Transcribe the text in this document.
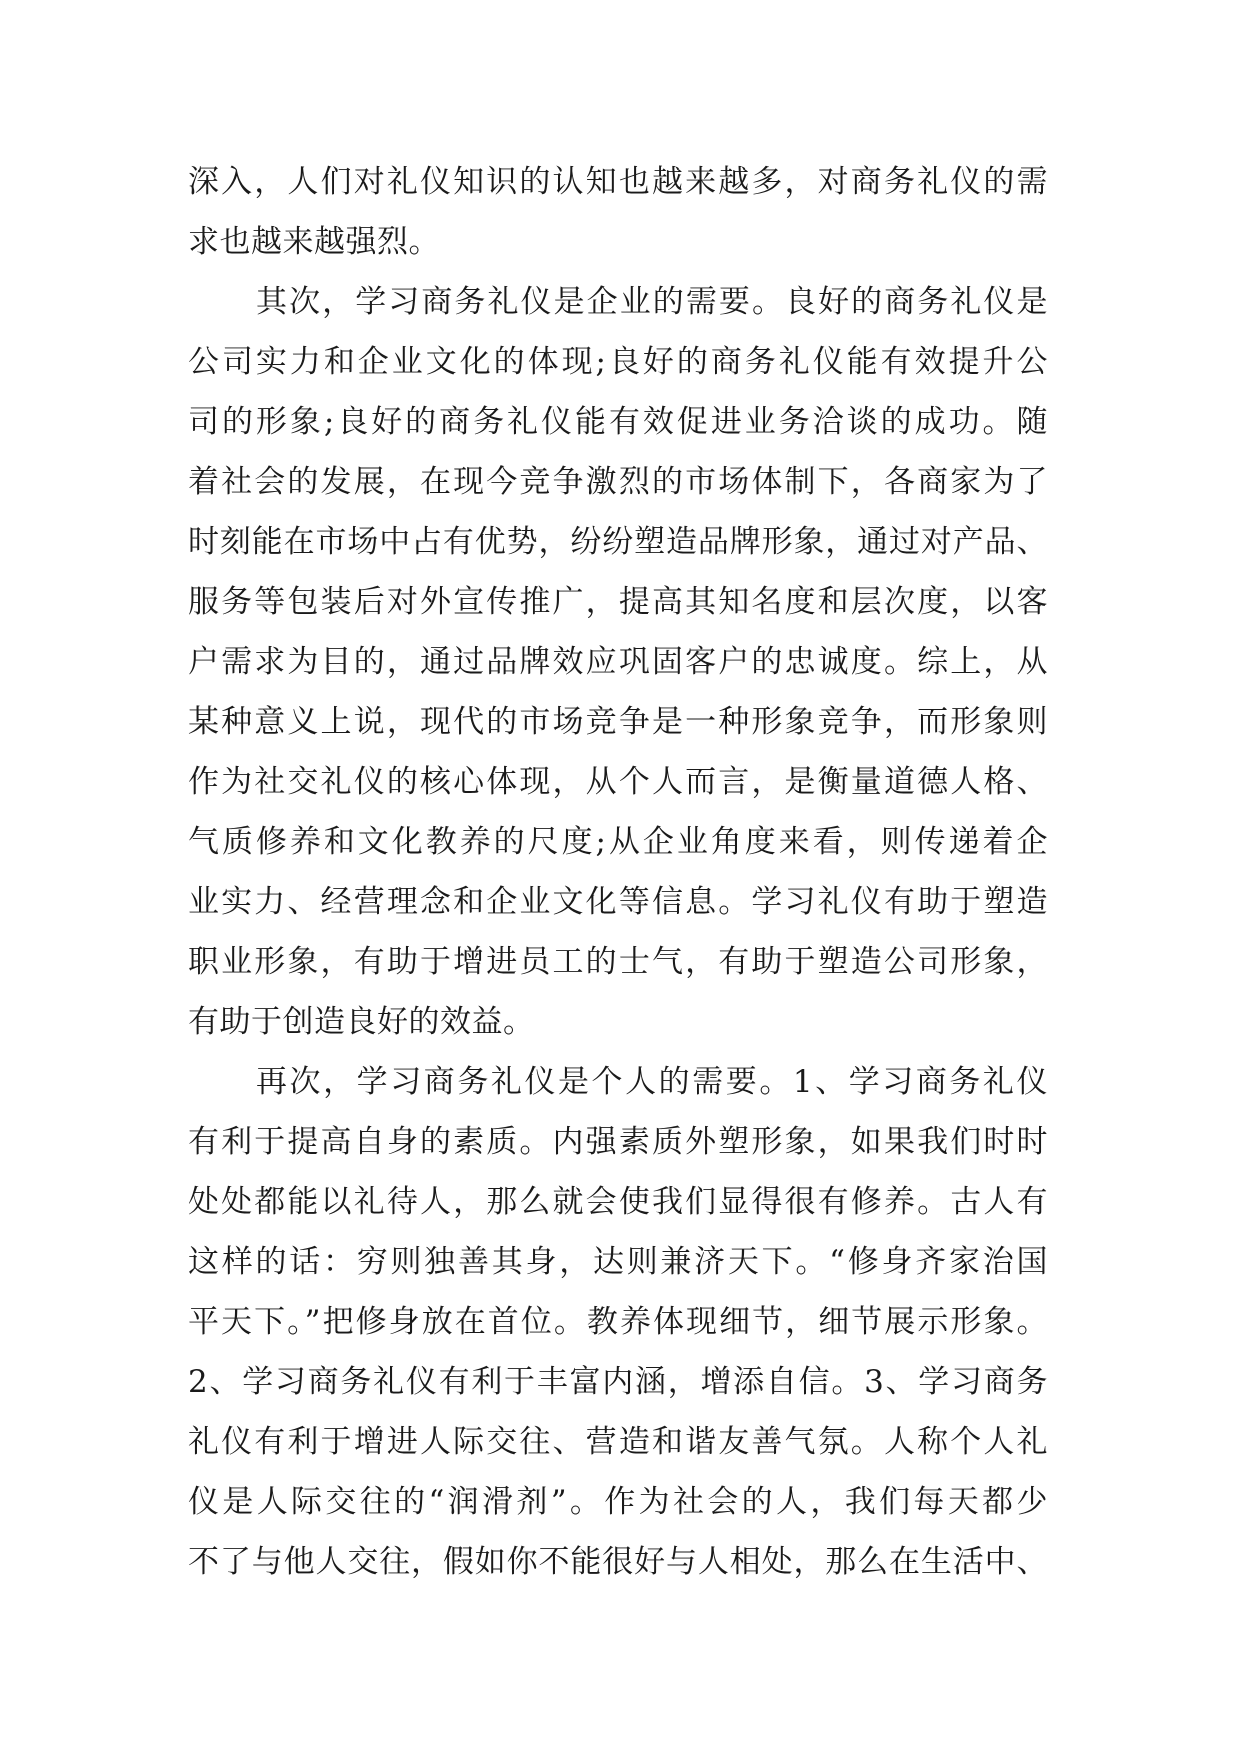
深入，人们对礼仪知识的认知也越来越多，对商务礼仪的需
求也越来越强烈。
其次，学习商务礼仪是企业的需要。良好的商务礼仪是
公司实力和企业文化的体现;良好的商务礼仪能有效提升公
司的形象;良好的商务礼仪能有效促进业务洽谈的成功。随
着社会的发展，在现今竞争激烈的市场体制下，各商家为了
时刻能在市场中占有优势，纷纷塑造品牌形象，通过对产品、
服务等包装后对外宣传推广，提高其知名度和层次度，以客
户需求为目的，通过品牌效应巩固客户的忠诚度。综上，从
某种意义上说，现代的市场竞争是一种形象竞争，而形象则
作为社交礼仪的核心体现，从个人而言，是衡量道德人格、
气质修养和文化教养的尺度;从企业角度来看，则传递着企
业实力、经营理念和企业文化等信息。学习礼仪有助于塑造
职业形象，有助于增进员工的士气，有助于塑造公司形象，
有助于创造良好的效益。
再次，学习商务礼仪是个人的需要。1、学习商务礼仪
有利于提高自身的素质。内强素质外塑形象，如果我们时时
处处都能以礼待人，那么就会使我们显得很有修养。古人有
这样的话：穷则独善其身，达则兼济天下。“修身齐家治国
平天下。”把修身放在首位。教养体现细节，细节展示形象。
2、学习商务礼仪有利于丰富内涵，增添自信。3、学习商务
礼仪有利于增进人际交往、营造和谐友善气氛。人称个人礼
仪是人际交往的“润滑剂”。作为社会的人，我们每天都少
不了与他人交往，假如你不能很好与人相处，那么在生活中、
